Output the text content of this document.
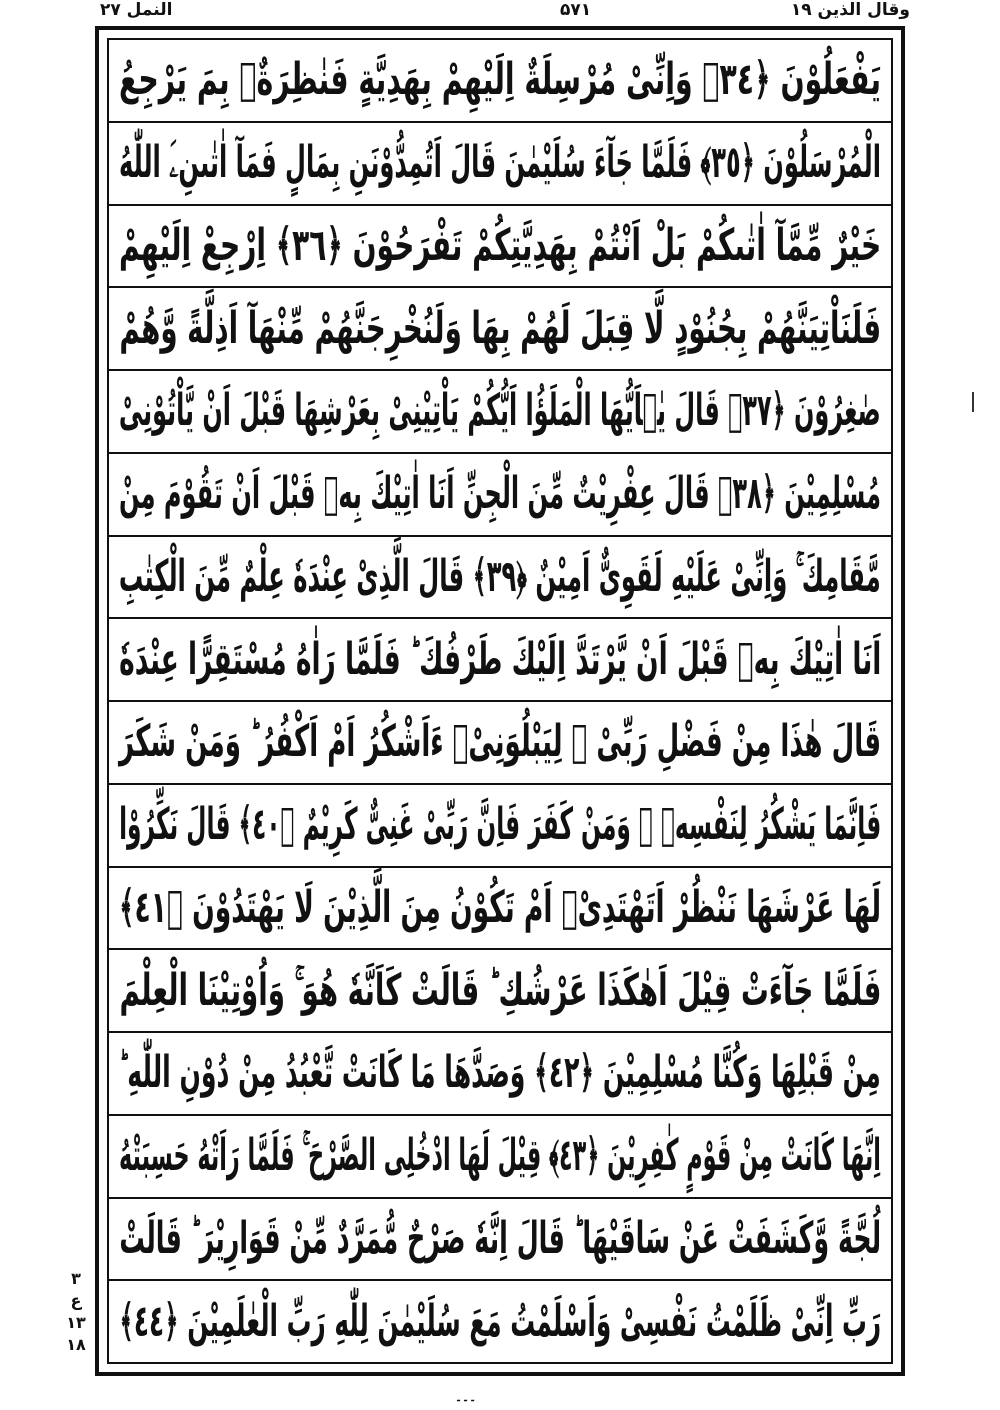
النمل ۲۷	۵۷۱	وقال الذين ۱۹
يَفْعَلُوْنَ ﴿٣٤﴾ وَاِنِّىْ مُرْسِلَةٌ اِلَيْهِمْ بِهَدِيَّةٍ فَنٰظِرَةٌۢ بِمَ يَرْجِعُ
الْمُرْسَلُوْنَ ﴿٣٥﴾ فَلَمَّا جَآءَ سُلَيْمٰنَ قَالَ اَتُمِدُّوْنَنِ بِمَالٍ فَمَآ اٰتٰىنِۦَ اللّٰهُ
خَيْرٌ مِّمَّآ اٰتٰىكُمْ بَلْ اَنْتُمْ بِهَدِيَّتِكُمْ تَفْرَحُوْنَ ﴿٣٦﴾ اِرْجِعْ اِلَيْهِمْ
فَلَنَاْتِيَنَّهُمْ بِجُنُوْدٍ لَّا قِبَلَ لَهُمْ بِهَا وَلَنُخْرِجَنَّهُمْ مِّنْهَآ اَذِلَّةً وَّهُمْ
صٰغِرُوْنَ ﴿٣٧﴾ قَالَ يٰۤاَيُّهَا الْمَلَؤُا اَيُّكُمْ يَاْتِيْنِىْ بِعَرْشِهَا قَبْلَ اَنْ يَّاْتُوْنِىْ
مُسْلِمِيْنَ ﴿٣٨﴾ قَالَ عِفْرِيْتٌ مِّنَ الْجِنِّ اَنَا اٰتِيْكَ بِهٖ قَبْلَ اَنْ تَقُوْمَ مِنْ
مَّقَامِكَ ۚ وَاِنِّىْ عَلَيْهِ لَقَوِىٌّ اَمِيْنٌ ﴿٣٩﴾ قَالَ الَّذِىْ عِنْدَهٗ عِلْمٌ مِّنَ الْكِتٰبِ
اَنَا اٰتِيْكَ بِهٖ قَبْلَ اَنْ يَّرْتَدَّ اِلَيْكَ طَرْفُكَ ؕ فَلَمَّا رَاٰهُ مُسْتَقِرًّا عِنْدَهٗ
قَالَ هٰذَا مِنْ فَضْلِ رَبِّىْ ۖ لِيَبْلُوَنِىْۤ ءَاَشْكُرُ اَمْ اَكْفُرُ ؕ وَمَنْ شَكَرَ
فَاِنَّمَا يَشْكُرُ لِنَفْسِهٖ ۚ وَمَنْ كَفَرَ فَاِنَّ رَبِّىْ غَنِىٌّ كَرِيْمٌ ﴿٤٠﴾ قَالَ نَكِّرُوْا
لَهَا عَرْشَهَا نَنْظُرْ اَتَهْتَدِىْۤ اَمْ تَكُوْنُ مِنَ الَّذِيْنَ لَا يَهْتَدُوْنَ ﴿٤١﴾
فَلَمَّا جَآءَتْ قِيْلَ اَهٰكَذَا عَرْشُكِ ؕ قَالَتْ كَاَنَّهٗ هُوَ ۚ وَاُوْتِيْنَا الْعِلْمَ
مِنْ قَبْلِهَا وَكُنَّا مُسْلِمِيْنَ ﴿٤٢﴾ وَصَدَّهَا مَا كَانَتْ تَّعْبُدُ مِنْ دُوْنِ اللّٰهِ ؕ
اِنَّهَا كَانَتْ مِنْ قَوْمٍ كٰفِرِيْنَ ﴿٤٣﴾ قِيْلَ لَهَا ادْخُلِى الصَّرْحَ ۚ فَلَمَّا رَاَتْهُ حَسِبَتْهُ
لُجَّةً وَّكَشَفَتْ عَنْ سَاقَيْهَا ؕ قَالَ اِنَّهٗ صَرْحٌ مُّمَرَّدٌ مِّنْ قَوَارِيْرَ ؕ قَالَتْ
رَبِّ اِنِّىْ ظَلَمْتُ نَفْسِىْ وَاَسْلَمْتُ مَعَ سُلَيْمٰنَ لِلّٰهِ رَبِّ الْعٰلَمِيْنَ ﴿٤٤﴾
۳
ع
۱۳
۱۸
۔۔۔
